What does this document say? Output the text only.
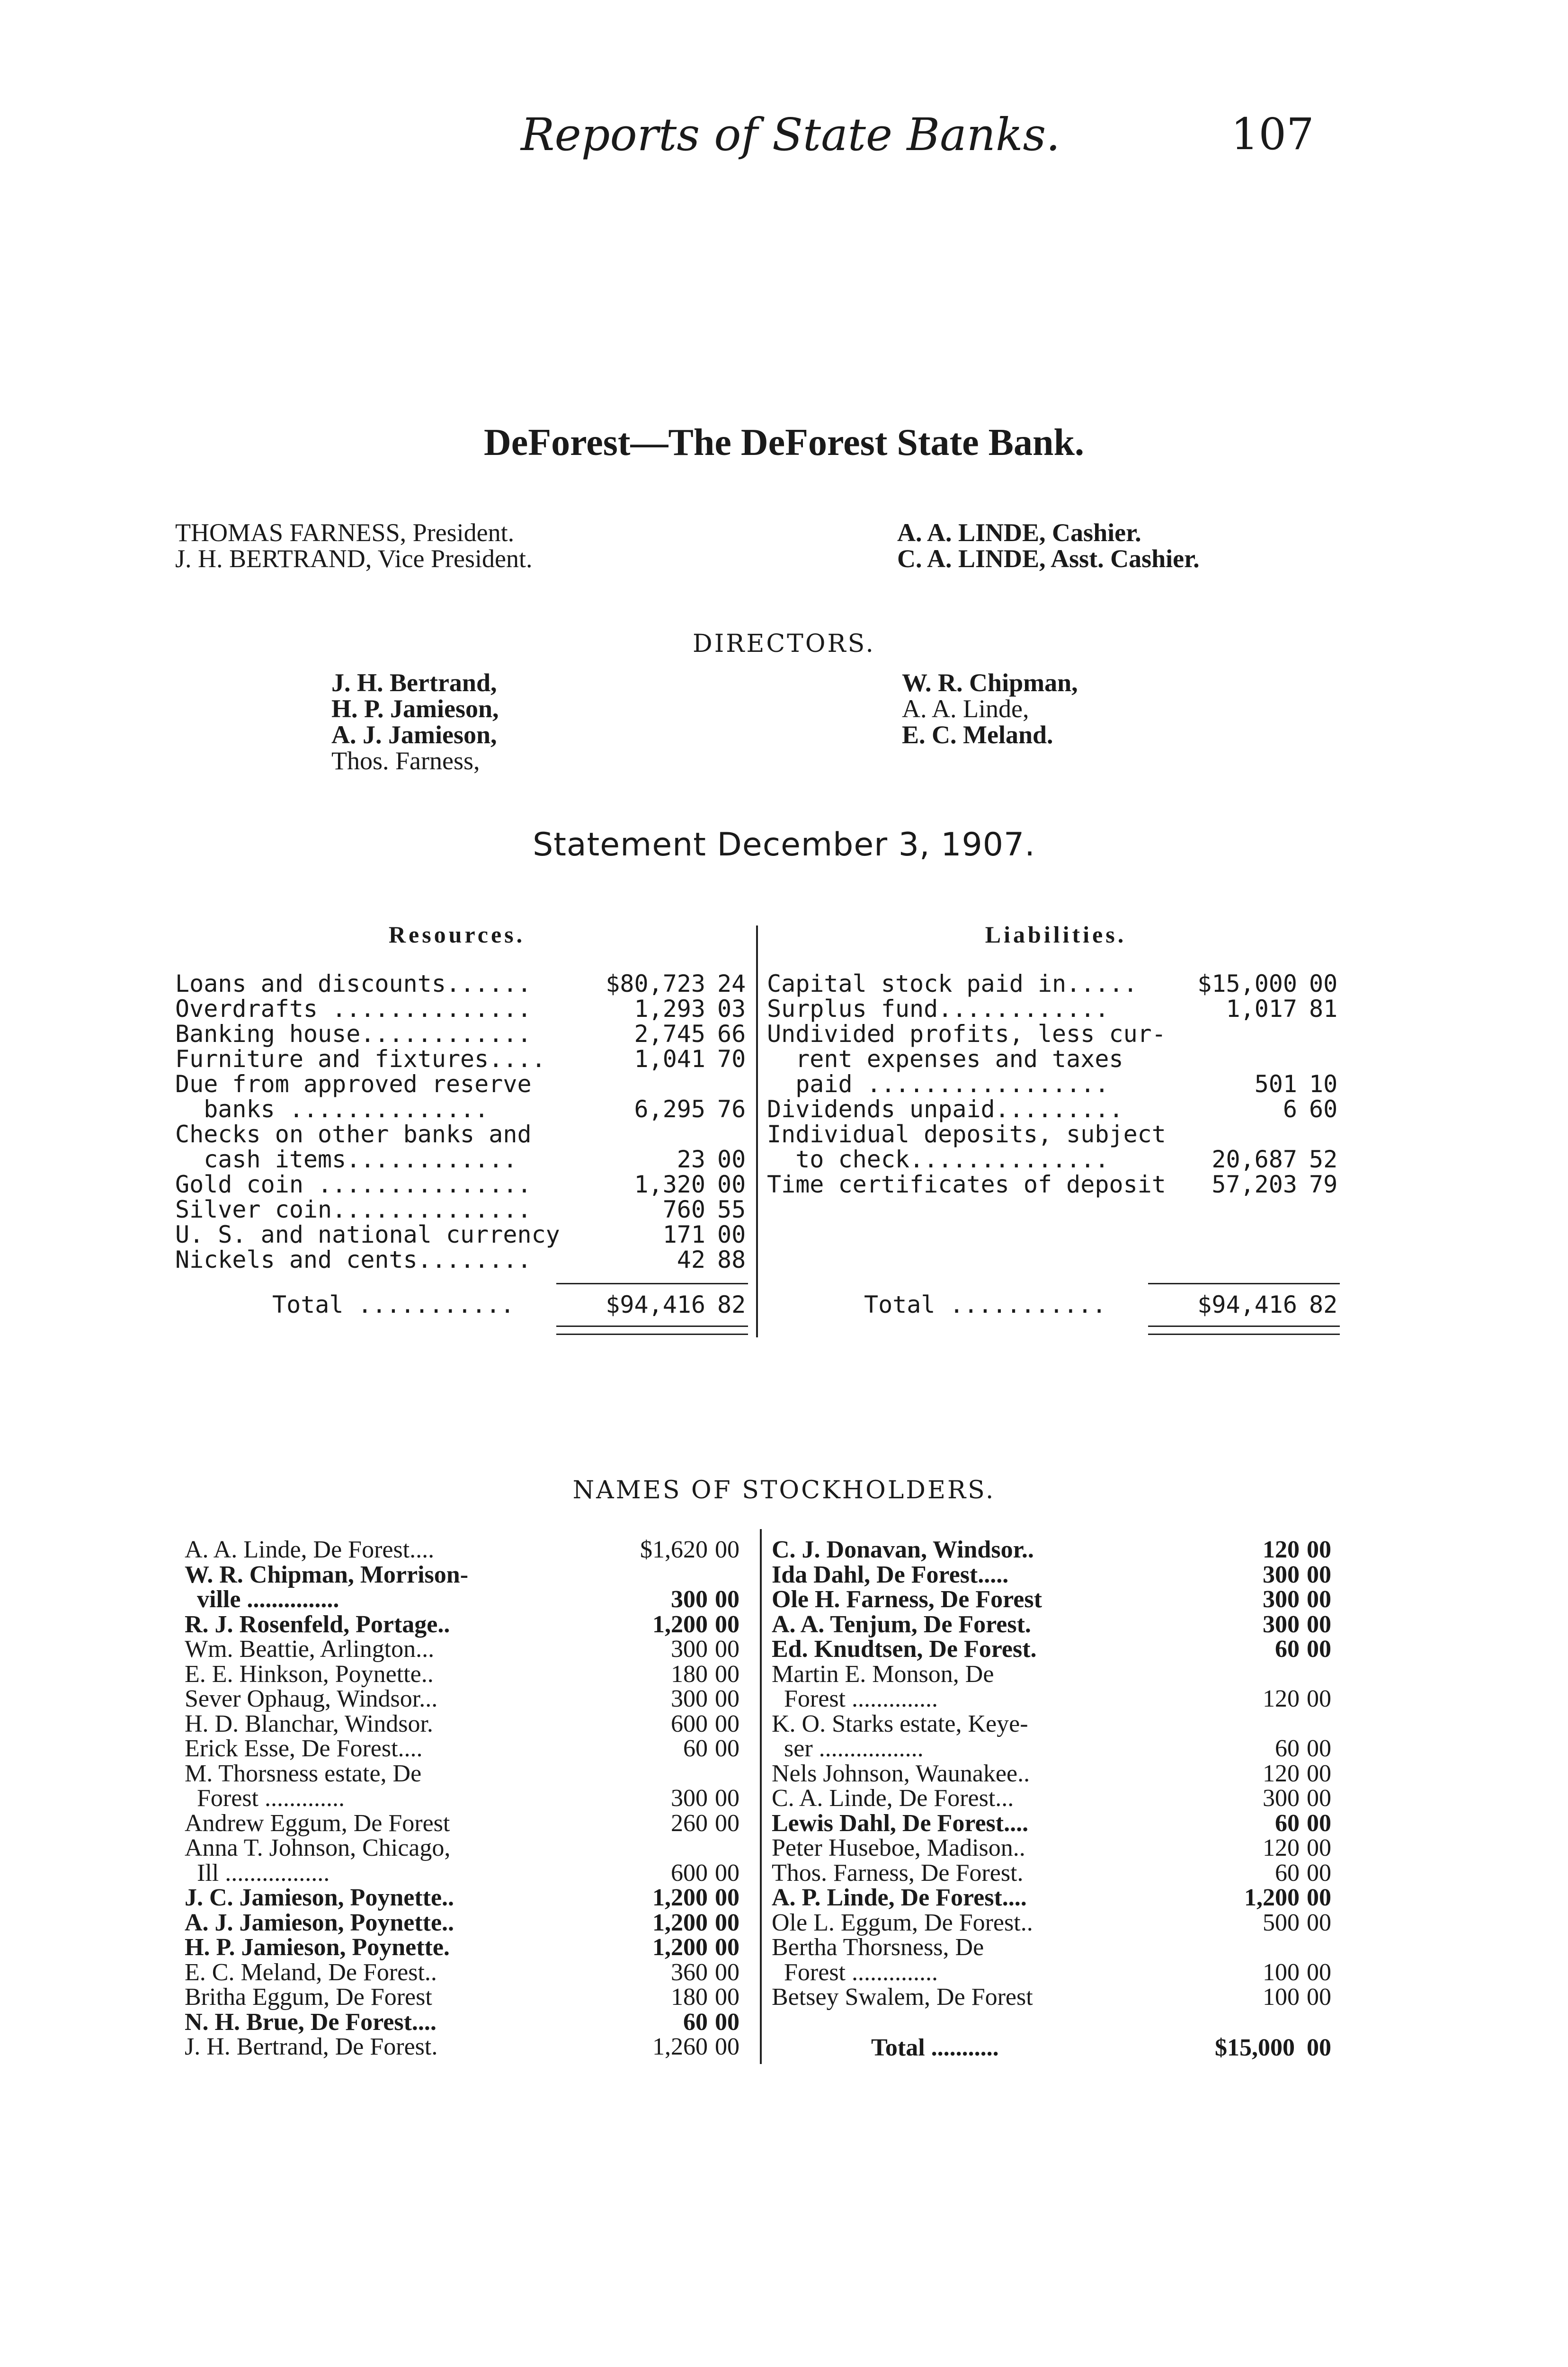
Reports of State Banks.	107
DeForest—The DeForest State Bank.
THOMAS FARNESS, President.
J. H. BERTRAND, Vice President.
A. A. LINDE, Cashier.
C. A. LINDE, Asst. Cashier.
DIRECTORS.
J. H. Bertrand,
H. P. Jamieson,
A. J. Jamieson,
Thos. Farness,
W. R. Chipman,
A. A. Linde,
E. C. Meland.
Statement December 3, 1907.
Resources.	Liabilities.
Loans and discounts......	$80,723 24
Overdrafts ..............	1,293 03
Banking house............	2,745 66
Furniture and fixtures....	1,041 70
Due from approved reserve
banks ..............	6,295 76
Checks on other banks and
cash items............	23 00
Gold coin ...............	1,320 00
Silver coin..............	760 55
U. S. and national currency	171 00
Nickels and cents........	42 88
Capital stock paid in.....	$15,000 00
Surplus fund............	1,017 81
Undivided profits, less cur-
rent expenses and taxes
paid .................	501 10
Dividends unpaid.........	6 60
Individual deposits, subject
to check..............	20,687 52
Time certificates of deposit 57,203 79
Total ...........	$94,416 82	Total ...........	$94,416 82
NAMES OF STOCKHOLDERS.
A. A. Linde, De Forest....	$1,620 00
W. R. Chipman, Morrison-
ville ...............	300 00
R. J. Rosenfeld, Portage..	1,200 00
Wm. Beattie, Arlington...	300 00
E. E. Hinkson, Poynette..	180 00
Sever Ophaug, Windsor...	300 00
H. D. Blanchar, Windsor.	600 00
Erick Esse, De Forest....	60 00
M. Thorsness estate, De
Forest .............	300 00
Andrew Eggum, De Forest	260 00
Anna T. Johnson, Chicago,
Ill .................	600 00
J. C. Jamieson, Poynette..	1,200 00
A. J. Jamieson, Poynette..	1,200 00
H. P. Jamieson, Poynette.	1,200 00
E. C. Meland, De Forest..	360 00
Britha Eggum, De Forest	180 00
N. H. Brue, De Forest....	60 00
J. H. Bertrand, De Forest.	1,260 00
C. J. Donavan, Windsor..	120 00
Ida Dahl, De Forest.....	300 00
Ole H. Farness, De Forest	300 00
A. A. Tenjum, De Forest.	300 00
Ed. Knudtsen, De Forest.	60 00
Martin E. Monson, De
Forest ..............	120 00
K. O. Starks estate, Keye-
ser .................	60 00
Nels Johnson, Waunakee..	120 00
C. A. Linde, De Forest...	300 00
Lewis Dahl, De Forest....	60 00
Peter Huseboe, Madison..	120 00
Thos. Farness, De Forest.	60 00
A. P. Linde, De Forest....	1,200 00
Ole L. Eggum, De Forest..	500 00
Bertha Thorsness, De
Forest ..............	100 00
Betsey Swalem, De Forest	100 00
Total ...........	$15,000 00
